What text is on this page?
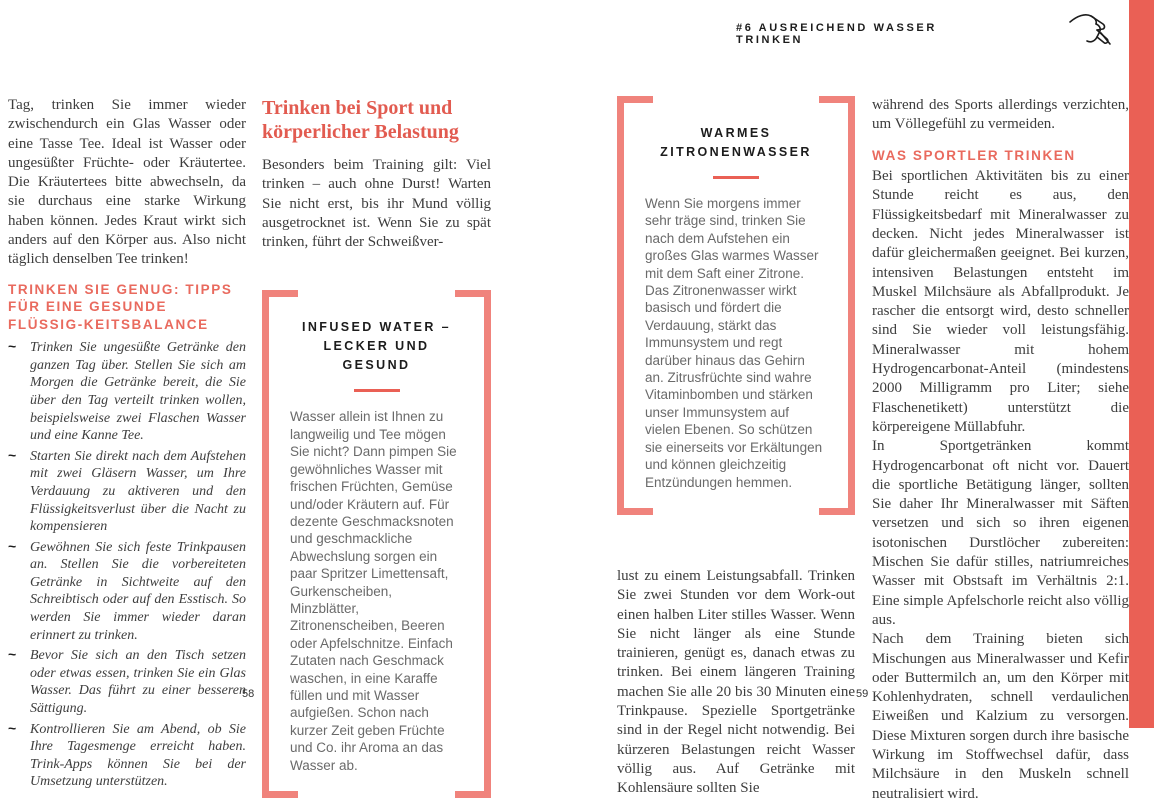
#6 AUSREICHEND WASSER TRINKEN

Tag, trinken Sie immer wieder zwischendurch ein Glas Wasser oder eine Tasse Tee. Ideal ist Wasser oder ungesüßter Früchte- oder Kräutertee. Die Kräutertees bitte abwechseln, da sie durchaus eine starke Wirkung haben können. Jedes Kraut wirkt sich anders auf den Körper aus. Also nicht täglich denselben Tee trinken!

TRINKEN SIE GENUG: TIPPS FÜR EINE GESUNDE FLÜSSIG-KEITSBALANCE
~ Trinken Sie ungesüßte Getränke den ganzen Tag über. Stellen Sie sich am Morgen die Getränke bereit, die Sie über den Tag verteilt trinken wollen, beispielsweise zwei Flaschen Wasser und eine Kanne Tee.
~ Starten Sie direkt nach dem Aufstehen mit zwei Gläsern Wasser, um Ihre Verdauung zu aktiveren und den Flüssigkeitsverlust über die Nacht zu kompensieren
~ Gewöhnen Sie sich feste Trinkpausen an. Stellen Sie die vorbereiteten Getränke in Sichtweite auf den Schreibtisch oder auf den Esstisch. So werden Sie immer wieder daran erinnert zu trinken.
~ Bevor Sie sich an den Tisch setzen oder etwas essen, trinken Sie ein Glas Wasser. Das führt zu einer besseren Sättigung.
~ Kontrollieren Sie am Abend, ob Sie Ihre Tagesmenge erreicht haben. Trink-Apps können Sie bei der Umsetzung unterstützen.
Trinken bei Sport und körperlicher Belastung

Besonders beim Training gilt: Viel trinken – auch ohne Durst! Warten Sie nicht erst, bis ihr Mund völlig ausgetrocknet ist. Wenn Sie zu spät trinken, führt der Schweißver-

INFUSED WATER – LECKER UND GESUND

Wasser allein ist Ihnen zu langweilig und Tee mögen Sie nicht? Dann pimpen Sie gewöhnliches Wasser mit frischen Früchten, Gemüse und/oder Kräutern auf. Für dezente Geschmacksnoten und geschmackliche Abwechslung sorgen ein paar Spritzer Limettensaft, Gurkenscheiben, Minzblätter, Zitronenscheiben, Beeren oder Apfelschnitze. Einfach Zutaten nach Geschmack waschen, in eine Karaffe füllen und mit Wasser aufgießen. Schon nach kurzer Zeit geben Früchte und Co. ihr Aroma an das Wasser ab.

WARMES ZITRONENWASSER

Wenn Sie morgens immer sehr träge sind, trinken Sie nach dem Aufstehen ein großes Glas warmes Wasser mit dem Saft einer Zitrone. Das Zitronenwasser wirkt basisch und fördert die Verdauung, stärkt das Immunsystem und regt darüber hinaus das Gehirn an. Zitrusfrüchte sind wahre Vitaminbomben und stärken unser Immunsystem auf vielen Ebenen. So schützen sie einerseits vor Erkältungen und können gleichzeitig Entzündungen hemmen.

lust zu einem Leistungsabfall. Trinken Sie zwei Stunden vor dem Work-out einen halben Liter stilles Wasser. Wenn Sie nicht länger als eine Stunde trainieren, genügt es, danach etwas zu trinken. Bei einem längeren Training machen Sie alle 20 bis 30 Minuten eine Trinkpause. Spezielle Sportgetränke sind in der Regel nicht notwendig. Bei kürzeren Belastungen reicht Wasser völlig aus. Auf Getränke mit Kohlensäure sollten Sie

während des Sports allerdings verzichten, um Völlegefühl zu vermeiden.

WAS SPORTLER TRINKEN

Bei sportlichen Aktivitäten bis zu einer Stunde reicht es aus, den Flüssigkeitsbedarf mit Mineralwasser zu decken. Nicht jedes Mineralwasser ist dafür gleichermaßen geeignet. Bei kurzen, intensiven Belastungen entsteht im Muskel Milchsäure als Abfallprodukt. Je rascher die entsorgt wird, desto schneller sind Sie wieder voll leistungsfähig. Mineralwasser mit hohem Hydrogencarbonat-Anteil (mindestens 2000 Milligramm pro Liter; siehe Flaschenetikett) unterstützt die körpereigene Müllabfuhr.

In Sportgetränken kommt Hydrogencarbonat oft nicht vor. Dauert die sportliche Betätigung länger, sollten Sie daher Ihr Mineralwasser mit Säften versetzen und sich so ihren eigenen isotonischen Durstlöcher zubereiten: Mischen Sie dafür stilles, natriumreiches Wasser mit Obstsaft im Verhältnis 2:1. Eine simple Apfelschorle reicht also völlig aus.

Nach dem Training bieten sich Mischungen aus Mineralwasser und Kefir oder Buttermilch an, um den Körper mit Kohlenhydraten, schnell verdaulichen Eiweißen und Kalzium zu versorgen. Diese Mixturen sorgen durch ihre basische Wirkung im Stoffwechsel dafür, dass Milchsäure in den Muskeln schnell neutralisiert wird.

58	59
